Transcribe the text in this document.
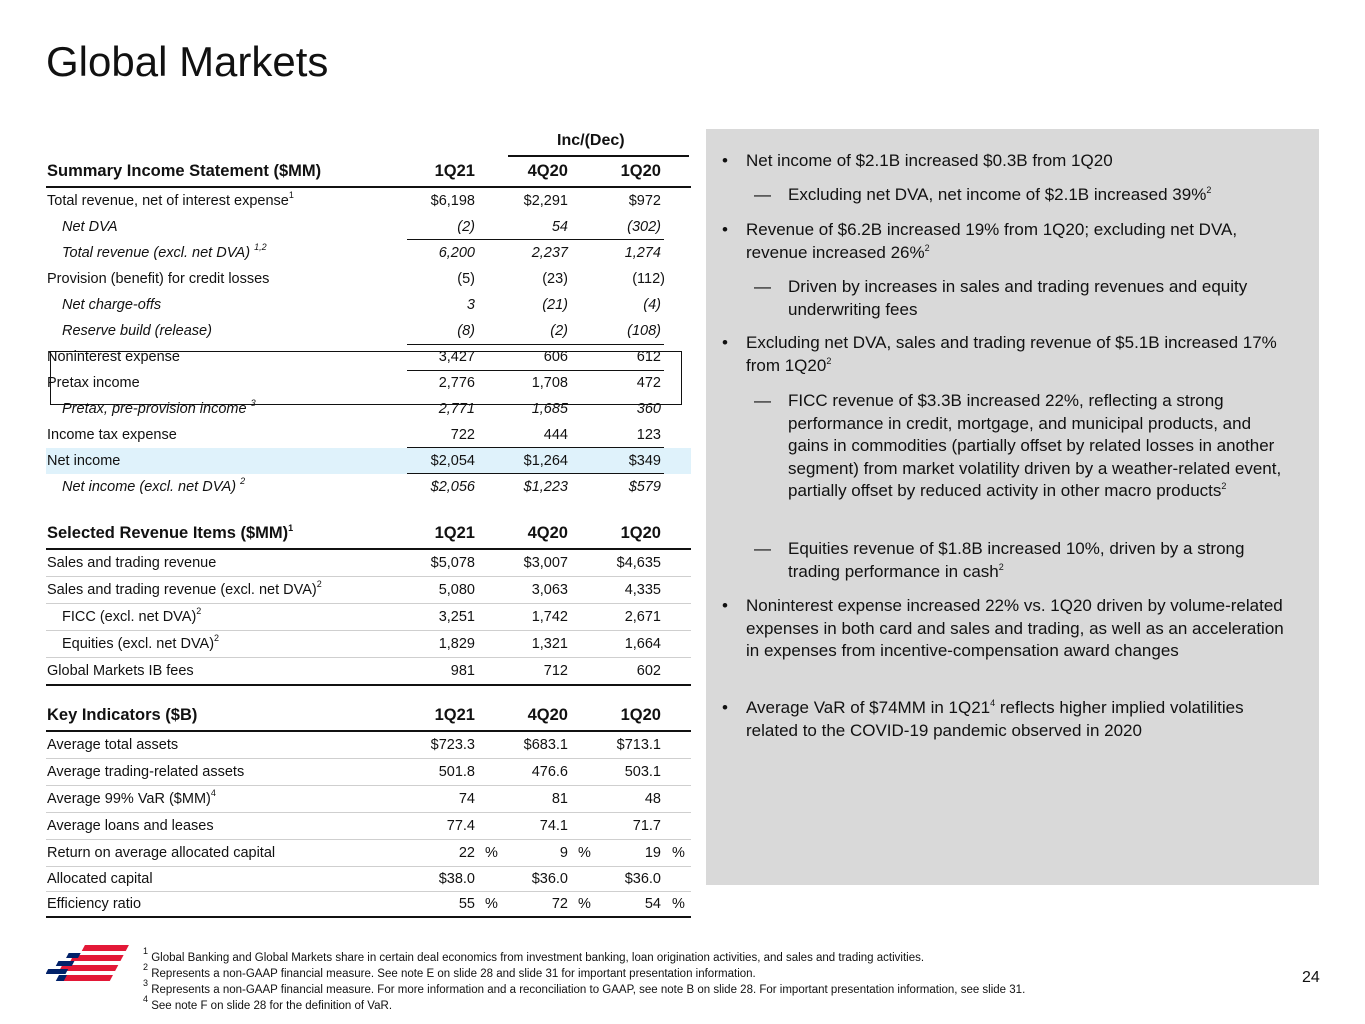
Global Markets
Inc/(Dec)
Summary Income Statement ($MM)	1Q21	4Q20	1Q20
Total revenue, net of interest expense$^1$	$6,198	$2,291	$972
Net DVA	(2)	54	(302)
Total revenue (excl. net DVA) $^{1,2}$	6,200	2,237	1,274
Provision (benefit) for credit losses	(5)	(23)	(112)
Net charge-offs	3	(21)	(4)
Reserve build (release)	(8)	(2)	(108)
Noninterest expense	3,427	606	612
Pretax income	2,776	1,708	472
Pretax, pre-provision income $^3$	2,771	1,685	360
Income tax expense	722	444	123
Net income	$2,054	$1,264	$349
Net income (excl. net DVA) $^2$	$2,056	$1,223	$579
Selected Revenue Items ($MM)$^1$	1Q21	4Q20	1Q20
Sales and trading revenue	$5,078	$3,007	$4,635
Sales and trading revenue (excl. net DVA)$^2$	5,080	3,063	4,335
FICC (excl. net DVA)$^2$	3,251	1,742	2,671
Equities (excl. net DVA)$^2$	1,829	1,321	1,664
Global Markets IB fees	981	712	602
Key Indicators ($B)	1Q21	4Q20	1Q20
Average total assets	$723.3	$683.1	$713.1
Average trading-related assets	501.8	476.6	503.1
Average 99% VaR ($MM)$^4$	74	81	48
Average loans and leases	77.4	74.1	71.7
Return on average allocated capital	22 %	9 %	19 %
Allocated capital	$38.0	$36.0	$36.0
Efficiency ratio	55 %	72 %	54 %
• Net income of $2.1B increased $0.3B from 1Q20
— Excluding net DVA, net income of $2.1B increased 39%$^2$
• Revenue of $6.2B increased 19% from 1Q20; excluding net DVA, revenue increased 26%$^2$
— Driven by increases in sales and trading revenues and equity underwriting fees
• Excluding net DVA, sales and trading revenue of $5.1B increased 17% from $1Q20^2$
— FICC revenue of $3.3B increased 22%, reflecting a strong performance in credit, mortgage, and municipal products, and gains in commodities (partially offset by related losses in another segment) from market volatility driven by a weather-related event, partially offset by reduced activity in other macro products$^2$
— Equities revenue of $1.8B increased 10%, driven by a strong trading performance in cash$^2$
• Noninterest expense increased 22% vs. 1Q20 driven by volume-related expenses in both card and sales and trading, as well as an acceleration in expenses from incentive-compensation award changes
• Average VaR of $74MM in $1Q21^4$ reflects higher implied volatilities related to the COVID-19 pandemic observed in 2020
$^1$ Global Banking and Global Markets share in certain deal economics from investment banking, loan origination activities, and sales and trading activities.
$^2$ Represents a non-GAAP financial measure. See note E on slide 28 and slide 31 for important presentation information.
$^3$ Represents a non-GAAP financial measure. For more information and a reconciliation to GAAP, see note B on slide 28. For important presentation information, see slide 31.
$^4$ See note F on slide 28 for the definition of VaR.
24
